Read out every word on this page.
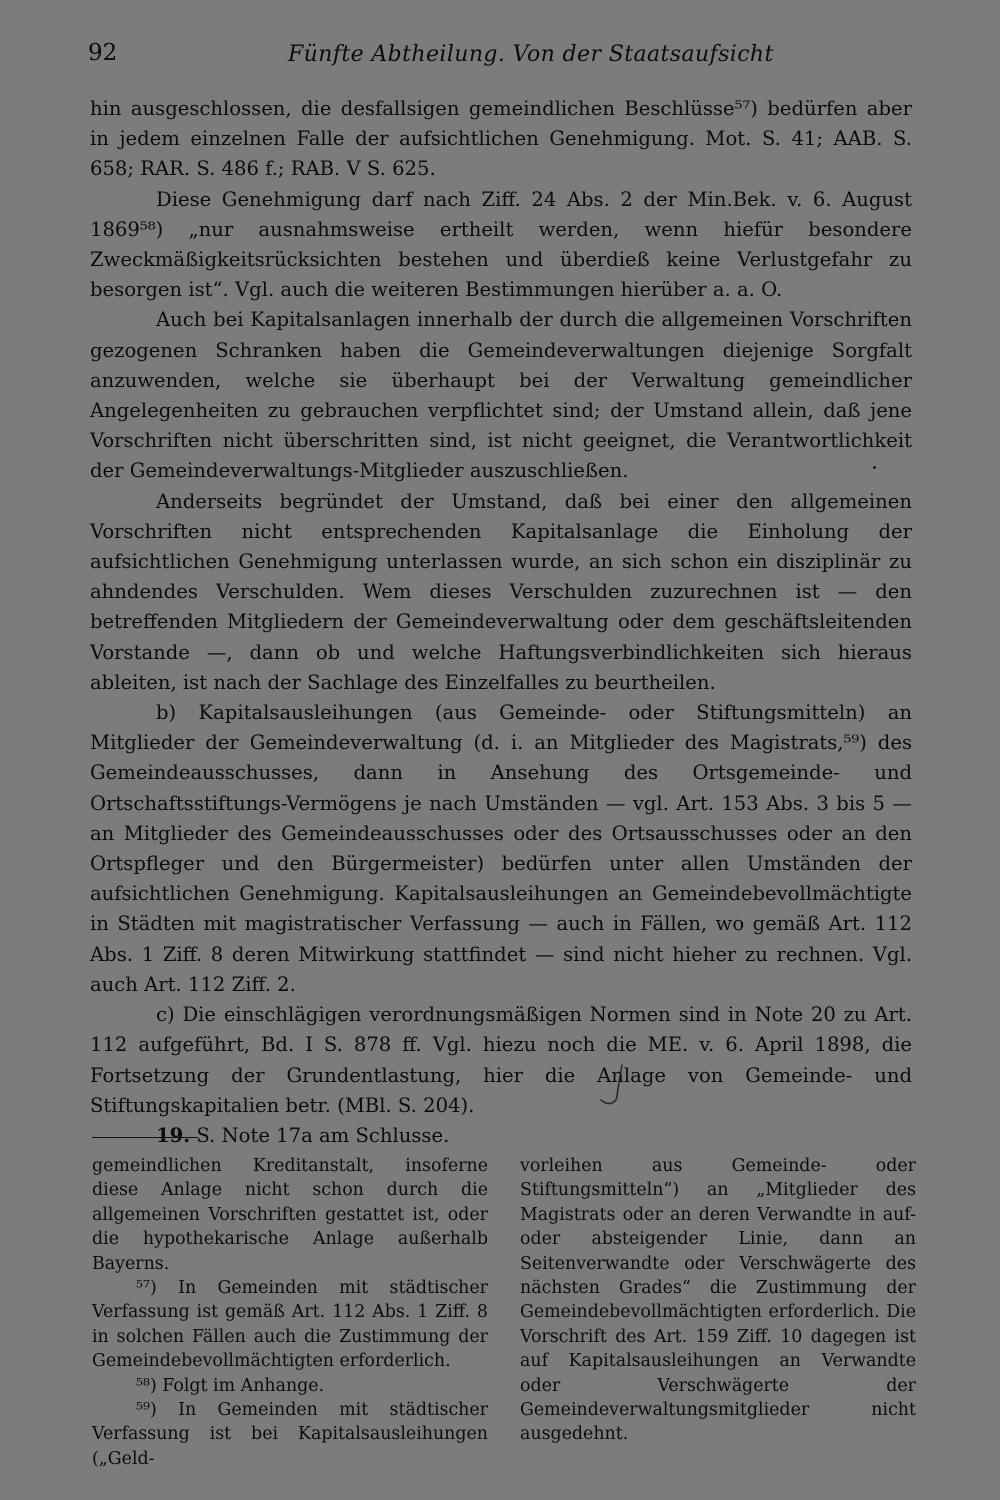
92	Fünfte Abtheilung. Von der Staatsaufsicht

hin ausgeschlossen, die desfallsigen gemeindlichen Beschlüsse⁵⁷) bedürfen aber in jedem einzelnen Falle der aufsichtlichen Genehmigung. Mot. S. 41; AAB. S. 658; RAR. S. 486 f.; RAB. V S. 625.

Diese Genehmigung darf nach Ziff. 24 Abs. 2 der Min.Bek. v. 6. August 1869⁵⁸) „nur ausnahmsweise ertheilt werden, wenn hiefür besondere Zweckmäßigkeitsrücksichten bestehen und überdieß keine Verlustgefahr zu besorgen ist“. Vgl. auch die weiteren Bestimmungen hierüber a. a. O.

Auch bei Kapitalsanlagen innerhalb der durch die allgemeinen Vorschriften gezogenen Schranken haben die Gemeindeverwaltungen diejenige Sorgfalt anzuwenden, welche sie überhaupt bei der Verwaltung gemeindlicher Angelegenheiten zu gebrauchen verpflichtet sind; der Umstand allein, daß jene Vorschriften nicht überschritten sind, ist nicht geeignet, die Verantwortlichkeit der Gemeindeverwaltungs-Mitglieder auszuschließen.

Anderseits begründet der Umstand, daß bei einer den allgemeinen Vorschriften nicht entsprechenden Kapitalsanlage die Einholung der aufsichtlichen Genehmigung unterlassen wurde, an sich schon ein disziplinär zu ahndendes Verschulden. Wem dieses Verschulden zuzurechnen ist — den betreffenden Mitgliedern der Gemeindeverwaltung oder dem geschäftsleitenden Vorstande —, dann ob und welche Haftungsverbindlichkeiten sich hieraus ableiten, ist nach der Sachlage des Einzelfalles zu beurtheilen.

b) Kapitalsausleihungen (aus Gemeinde- oder Stiftungsmitteln) an Mitglieder der Gemeindeverwaltung (d. i. an Mitglieder des Magistrats,⁵⁹) des Gemeindeausschusses, dann in Ansehung des Ortsgemeinde- und Ortschaftsstiftungs-Vermögens je nach Umständen — vgl. Art. 153 Abs. 3 bis 5 — an Mitglieder des Gemeindeausschusses oder des Ortsausschusses oder an den Ortspfleger und den Bürgermeister) bedürfen unter allen Umständen der aufsichtlichen Genehmigung. Kapitalsausleihungen an Gemeindebevollmächtigte in Städten mit magistratischer Verfassung — auch in Fällen, wo gemäß Art. 112 Abs. 1 Ziff. 8 deren Mitwirkung stattfindet — sind nicht hieher zu rechnen. Vgl. auch Art. 112 Ziff. 2.

c) Die einschlägigen verordnungsmäßigen Normen sind in Note 20 zu Art. 112 aufgeführt, Bd. I S. 878 ff. Vgl. hiezu noch die ME. v. 6. April 1898, die Fortsetzung der Grundentlastung, hier die Anlage von Gemeinde- und Stiftungskapitalien betr. (MBl. S. 204).

19. S. Note 17a am Schlusse.

gemeindlichen Kreditanstalt, insoferne diese Anlage nicht schon durch die allgemeinen Vorschriften gestattet ist, oder die hypothekarische Anlage außerhalb Bayerns.

⁵⁷) In Gemeinden mit städtischer Verfassung ist gemäß Art. 112 Abs. 1 Ziff. 8 in solchen Fällen auch die Zustimmung der Gemeindebevollmächtigten erforderlich.

⁵⁸) Folgt im Anhange.

⁵⁹) In Gemeinden mit städtischer Verfassung ist bei Kapitalsausleihungen („Geld-

vorleihen aus Gemeinde- oder Stiftungsmitteln“) an „Mitglieder des Magistrats oder an deren Verwandte in auf- oder absteigender Linie, dann an Seitenverwandte oder Verschwägerte des nächsten Grades“ die Zustimmung der Gemeindebevollmächtigten erforderlich. Die Vorschrift des Art. 159 Ziff. 10 dagegen ist auf Kapitalsausleihungen an Verwandte oder Verschwägerte der Gemeindeverwaltungsmitglieder nicht ausgedehnt.
